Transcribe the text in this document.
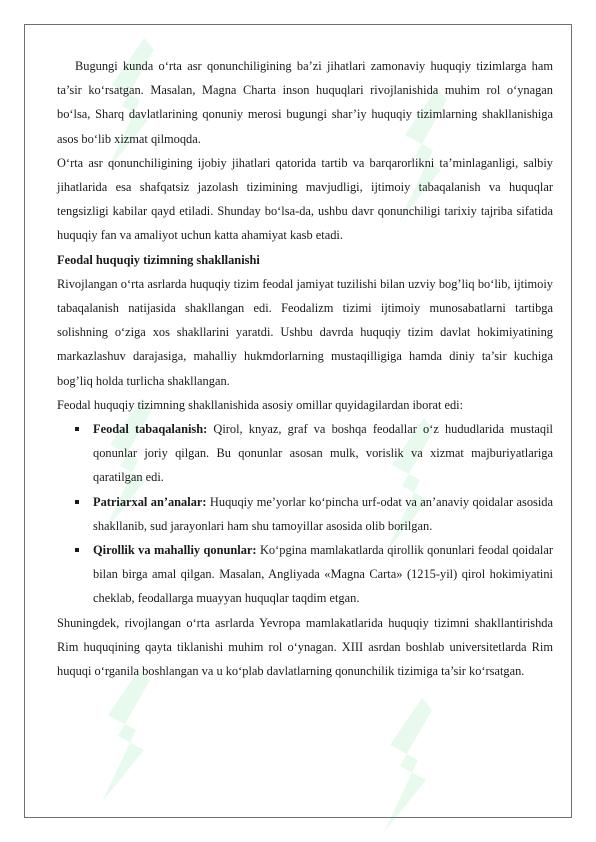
Bugungi kunda o‘rta asr qonunchiligining ba’zi jihatlari zamonaviy huquqiy tizimlarga ham ta’sir ko‘rsatgan. Masalan, Magna Charta inson huquqlari rivojlanishida muhim rol o‘ynagan bo‘lsa, Sharq davlatlarining qonuniy merosi bugungi shar’iy huquqiy tizimlarning shakllanishiga asos bo‘lib xizmat qilmoqda.

O‘rta asr qonunchiligining ijobiy jihatlari qatorida tartib va barqarorlikni ta’minlaganligi, salbiy jihatlarida esa shafqatsiz jazolash tizimining mavjudligi, ijtimoiy tabaqalanish va huquqlar tengsizligi kabilar qayd etiladi. Shunday bo‘lsa-da, ushbu davr qonunchiligi tarixiy tajriba sifatida huquqiy fan va amaliyot uchun katta ahamiyat kasb etadi.

Feodal huquqiy tizimning shakllanishi

Rivojlangan o‘rta asrlarda huquqiy tizim feodal jamiyat tuzilishi bilan uzviy bog’liq bo‘lib, ijtimoiy tabaqalanish natijasida shakllangan edi. Feodalizm tizimi ijtimoiy munosabatlarni tartibga solishning o‘ziga xos shakllarini yaratdi. Ushbu davrda huquqiy tizim davlat hokimiyatining markazlashuv darajasiga, mahalliy hukmdorlarning mustaqilligiga hamda diniy ta’sir kuchiga bog’liq holda turlicha shakllangan.

Feodal huquqiy tizimning shakllanishida asosiy omillar quyidagilardan iborat edi:

Feodal tabaqalanish: Qirol, knyaz, graf va boshqa feodallar o‘z hududlarida mustaqil qonunlar joriy qilgan. Bu qonunlar asosan mulk, vorislik va xizmat majburiyatlariga qaratilgan edi.
Patriarxal an’analar: Huquqiy me’yorlar ko‘pincha urf-odat va an’anaviy qoidalar asosida shakllanib, sud jarayonlari ham shu tamoyillar asosida olib borilgan.
Qirollik va mahalliy qonunlar: Ko‘pgina mamlakatlarda qirollik qonunlari feodal qoidalar bilan birga amal qilgan. Masalan, Angliyada «Magna Carta» (1215-yil) qirol hokimiyatini cheklab, feodallarga muayyan huquqlar taqdim etgan.

Shuningdek, rivojlangan o‘rta asrlarda Yevropa mamlakatlarida huquqiy tizimni shakllantirishda Rim huquqining qayta tiklanishi muhim rol o‘ynagan. XIII asrdan boshlab universitetlarda Rim huquqi o‘rganila boshlangan va u ko‘plab davlatlarning qonunchilik tizimiga ta’sir ko‘rsatgan.
